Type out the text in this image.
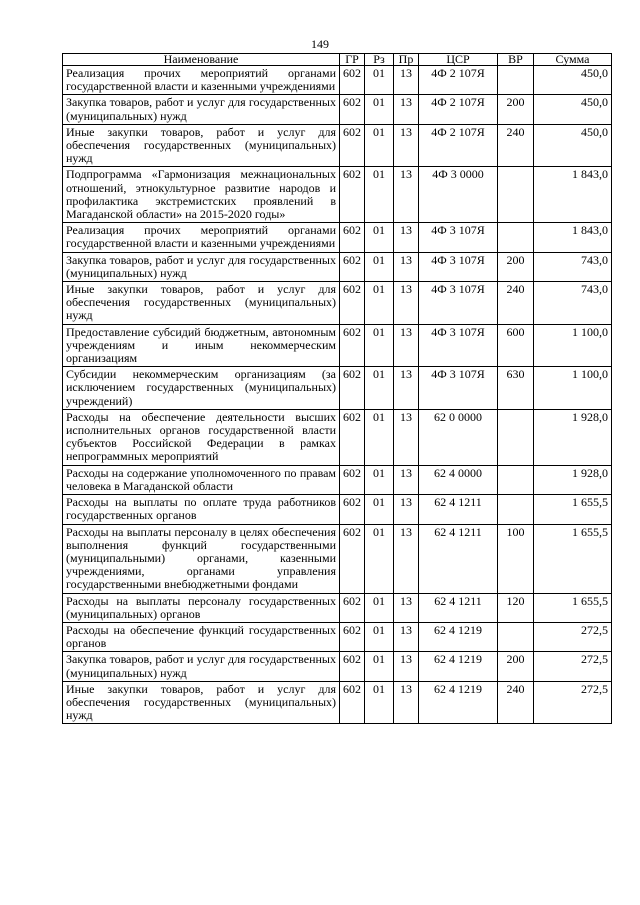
149
Наименование	ГР	Рз	Пр	ЦСР	ВР	Сумма
Реализация прочих мероприятий органами государственной власти и казенными учреждениями	602	01	13	4Ф 2 107Я		450,0
Закупка товаров, работ и услуг для государственных (муниципальных) нужд	602	01	13	4Ф 2 107Я	200	450,0
Иные закупки товаров, работ и услуг для обеспечения государственных (муниципальных) нужд	602	01	13	4Ф 2 107Я	240	450,0
Подпрограмма «Гармонизация межнациональных отношений, этнокультурное развитие народов и профилактика экстремистских проявлений в Магаданской области» на 2015-2020 годы»	602	01	13	4Ф 3 0000		1 843,0
Реализация прочих мероприятий органами государственной власти и казенными учреждениями	602	01	13	4Ф 3 107Я		1 843,0
Закупка товаров, работ и услуг для государственных (муниципальных) нужд	602	01	13	4Ф 3 107Я	200	743,0
Иные закупки товаров, работ и услуг для обеспечения государственных (муниципальных) нужд	602	01	13	4Ф 3 107Я	240	743,0
Предоставление субсидий бюджетным, автономным учреждениям и иным некоммерческим организациям	602	01	13	4Ф 3 107Я	600	1 100,0
Субсидии некоммерческим организациям (за исключением государственных (муниципальных) учреждений)	602	01	13	4Ф 3 107Я	630	1 100,0
Расходы на обеспечение деятельности высших исполнительных органов государственной власти субъектов Российской Федерации в рамках непрограммных мероприятий	602	01	13	62 0 0000		1 928,0
Расходы на содержание уполномоченного по правам человека в Магаданской области	602	01	13	62 4 0000		1 928,0
Расходы на выплаты по оплате труда работников государственных органов	602	01	13	62 4 1211		1 655,5
Расходы на выплаты персоналу в целях обеспечения выполнения функций государственными (муниципальными) органами, казенными учреждениями, органами управления государственными внебюджетными фондами	602	01	13	62 4 1211	100	1 655,5
Расходы на выплаты персоналу государственных (муниципальных) органов	602	01	13	62 4 1211	120	1 655,5
Расходы на обеспечение функций государственных органов	602	01	13	62 4 1219		272,5
Закупка товаров, работ и услуг для государственных (муниципальных) нужд	602	01	13	62 4 1219	200	272,5
Иные закупки товаров, работ и услуг для обеспечения государственных (муниципальных) нужд	602	01	13	62 4 1219	240	272,5
